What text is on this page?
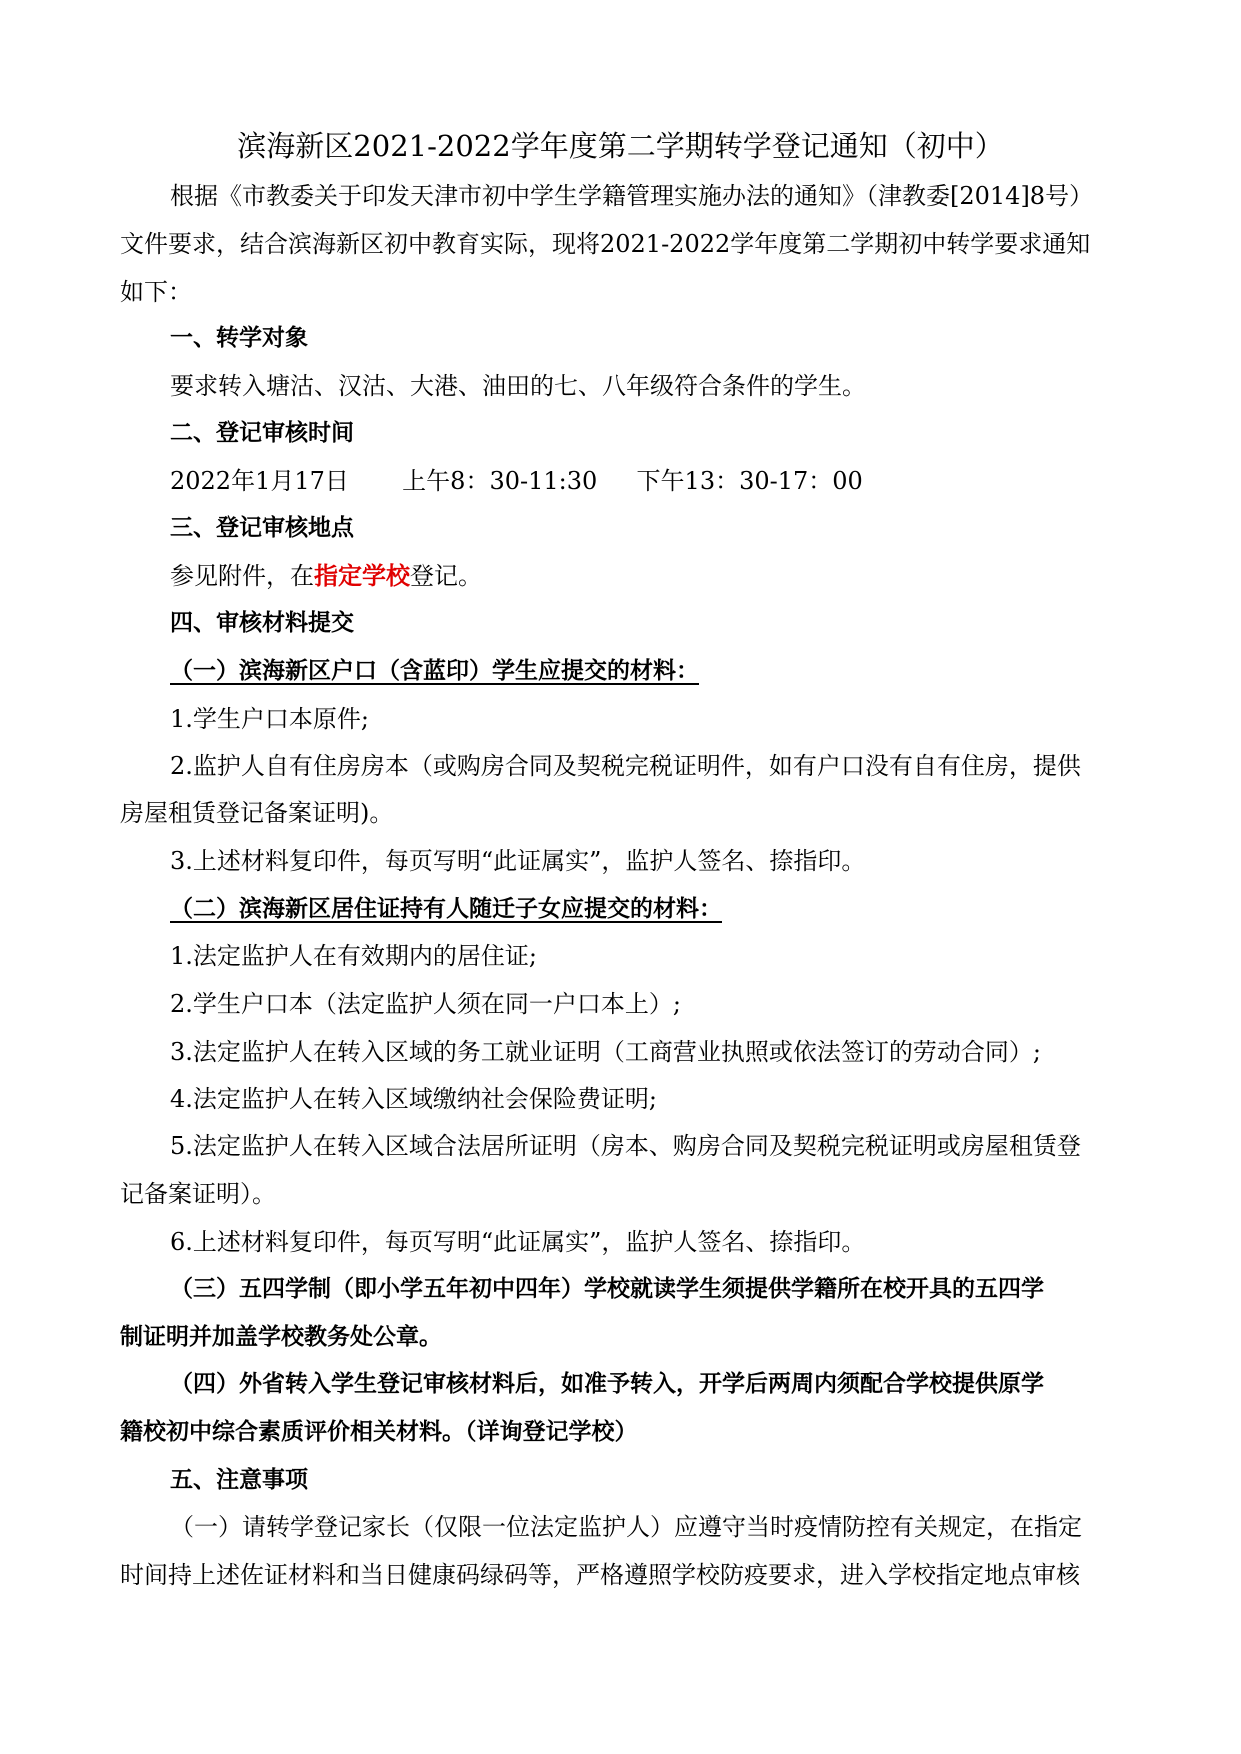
滨海新区2021-2022学年度第二学期转学登记通知（初中）
根据《市教委关于印发天津市初中学生学籍管理实施办法的通知》（津教委[2014]8号）
文件要求，结合滨海新区初中教育实际，现将2021-2022学年度第二学期初中转学要求通知
如下：
一、转学对象
要求转入塘沽、汉沽、大港、油田的七、八年级符合条件的学生。
二、登记审核时间
2022年1月17日 上午8：30-11:30 下午13：30-17：00
三、登记审核地点
参见附件，在指定学校登记。
四、审核材料提交
（一）滨海新区户口（含蓝印）学生应提交的材料：
1.学生户口本原件;
2.监护人自有住房房本（或购房合同及契税完税证明件，如有户口没有自有住房，提供
房屋租赁登记备案证明)。
3.上述材料复印件，每页写明“此证属实”，监护人签名、捺指印。
（二）滨海新区居住证持有人随迁子女应提交的材料：
1.法定监护人在有效期内的居住证;
2.学生户口本（法定监护人须在同一户口本上）;
3.法定监护人在转入区域的务工就业证明（工商营业执照或依法签订的劳动合同）;
4.法定监护人在转入区域缴纳社会保险费证明;
5.法定监护人在转入区域合法居所证明（房本、购房合同及契税完税证明或房屋租赁登
记备案证明）。
6.上述材料复印件，每页写明“此证属实”，监护人签名、捺指印。
（三）五四学制（即小学五年初中四年）学校就读学生须提供学籍所在校开具的五四学
制证明并加盖学校教务处公章。
（四）外省转入学生登记审核材料后，如准予转入，开学后两周内须配合学校提供原学
籍校初中综合素质评价相关材料。（详询登记学校）
五、注意事项
（一）请转学登记家长（仅限一位法定监护人）应遵守当时疫情防控有关规定，在指定
时间持上述佐证材料和当日健康码绿码等，严格遵照学校防疫要求，进入学校指定地点审核
